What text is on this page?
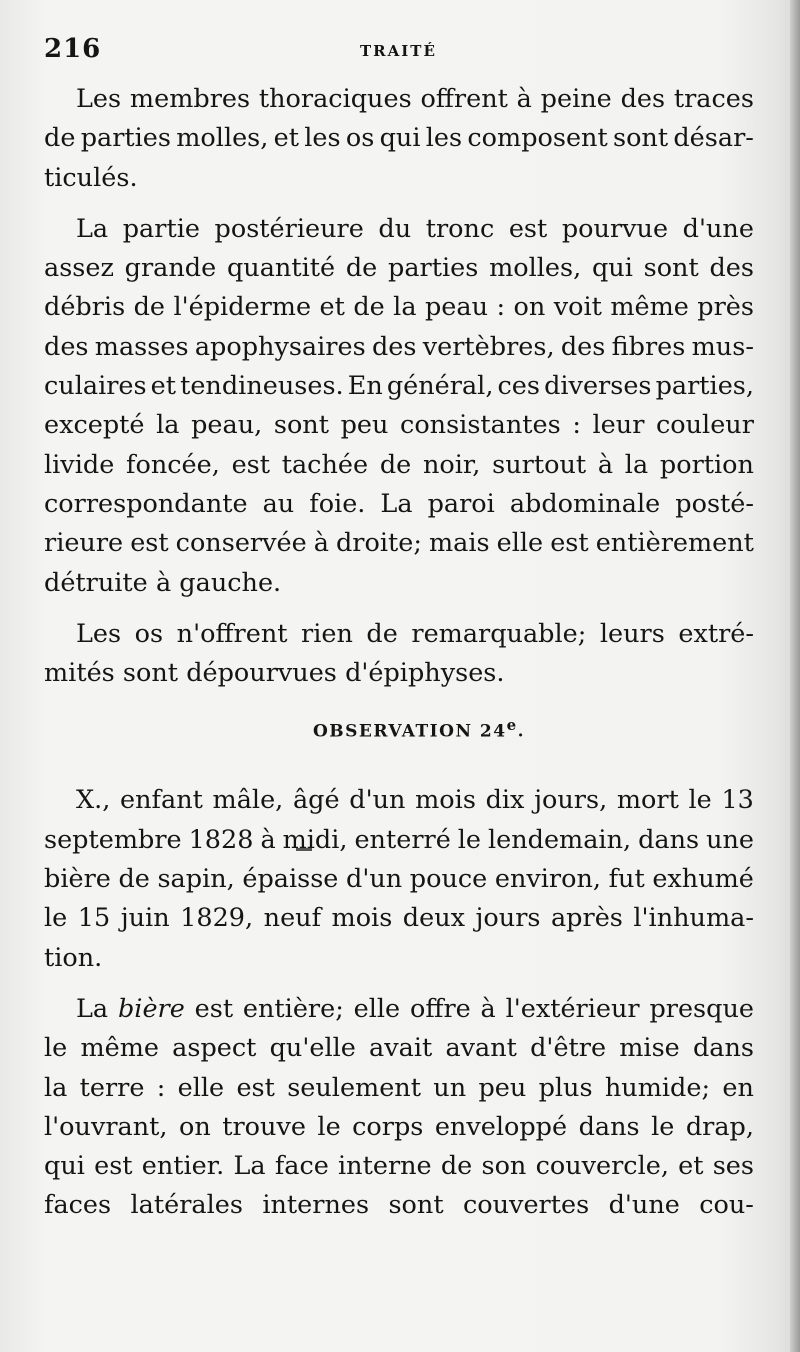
216	TRAITÉ
Les membres thoraciques offrent à peine des traces
de parties molles, et les os qui les composent sont désar-
ticulés.
La partie postérieure du tronc est pourvue d'une
assez grande quantité de parties molles, qui sont des
débris de l'épiderme et de la peau : on voit même près
des masses apophysaires des vertèbres, des fibres mus-
culaires et tendineuses. En général, ces diverses parties,
excepté la peau, sont peu consistantes : leur couleur
livide foncée, est tachée de noir, surtout à la portion
correspondante au foie. La paroi abdominale posté-
rieure est conservée à droite; mais elle est entièrement
détruite à gauche.
Les os n'offrent rien de remarquable; leurs extré-
mités sont dépourvues d'épiphyses.
OBSERVATION 24e.
X., enfant mâle, âgé d'un mois dix jours, mort le 13
septembre 1828 à midi, enterré le lendemain, dans une
bière de sapin, épaisse d'un pouce environ, fut exhumé
le 15 juin 1829, neuf mois deux jours après l'inhuma-
tion.
La bière est entière; elle offre à l'extérieur presque
le même aspect qu'elle avait avant d'être mise dans
la terre : elle est seulement un peu plus humide; en
l'ouvrant, on trouve le corps enveloppé dans le drap,
qui est entier. La face interne de son couvercle, et ses
faces latérales internes sont couvertes d'une cou-
